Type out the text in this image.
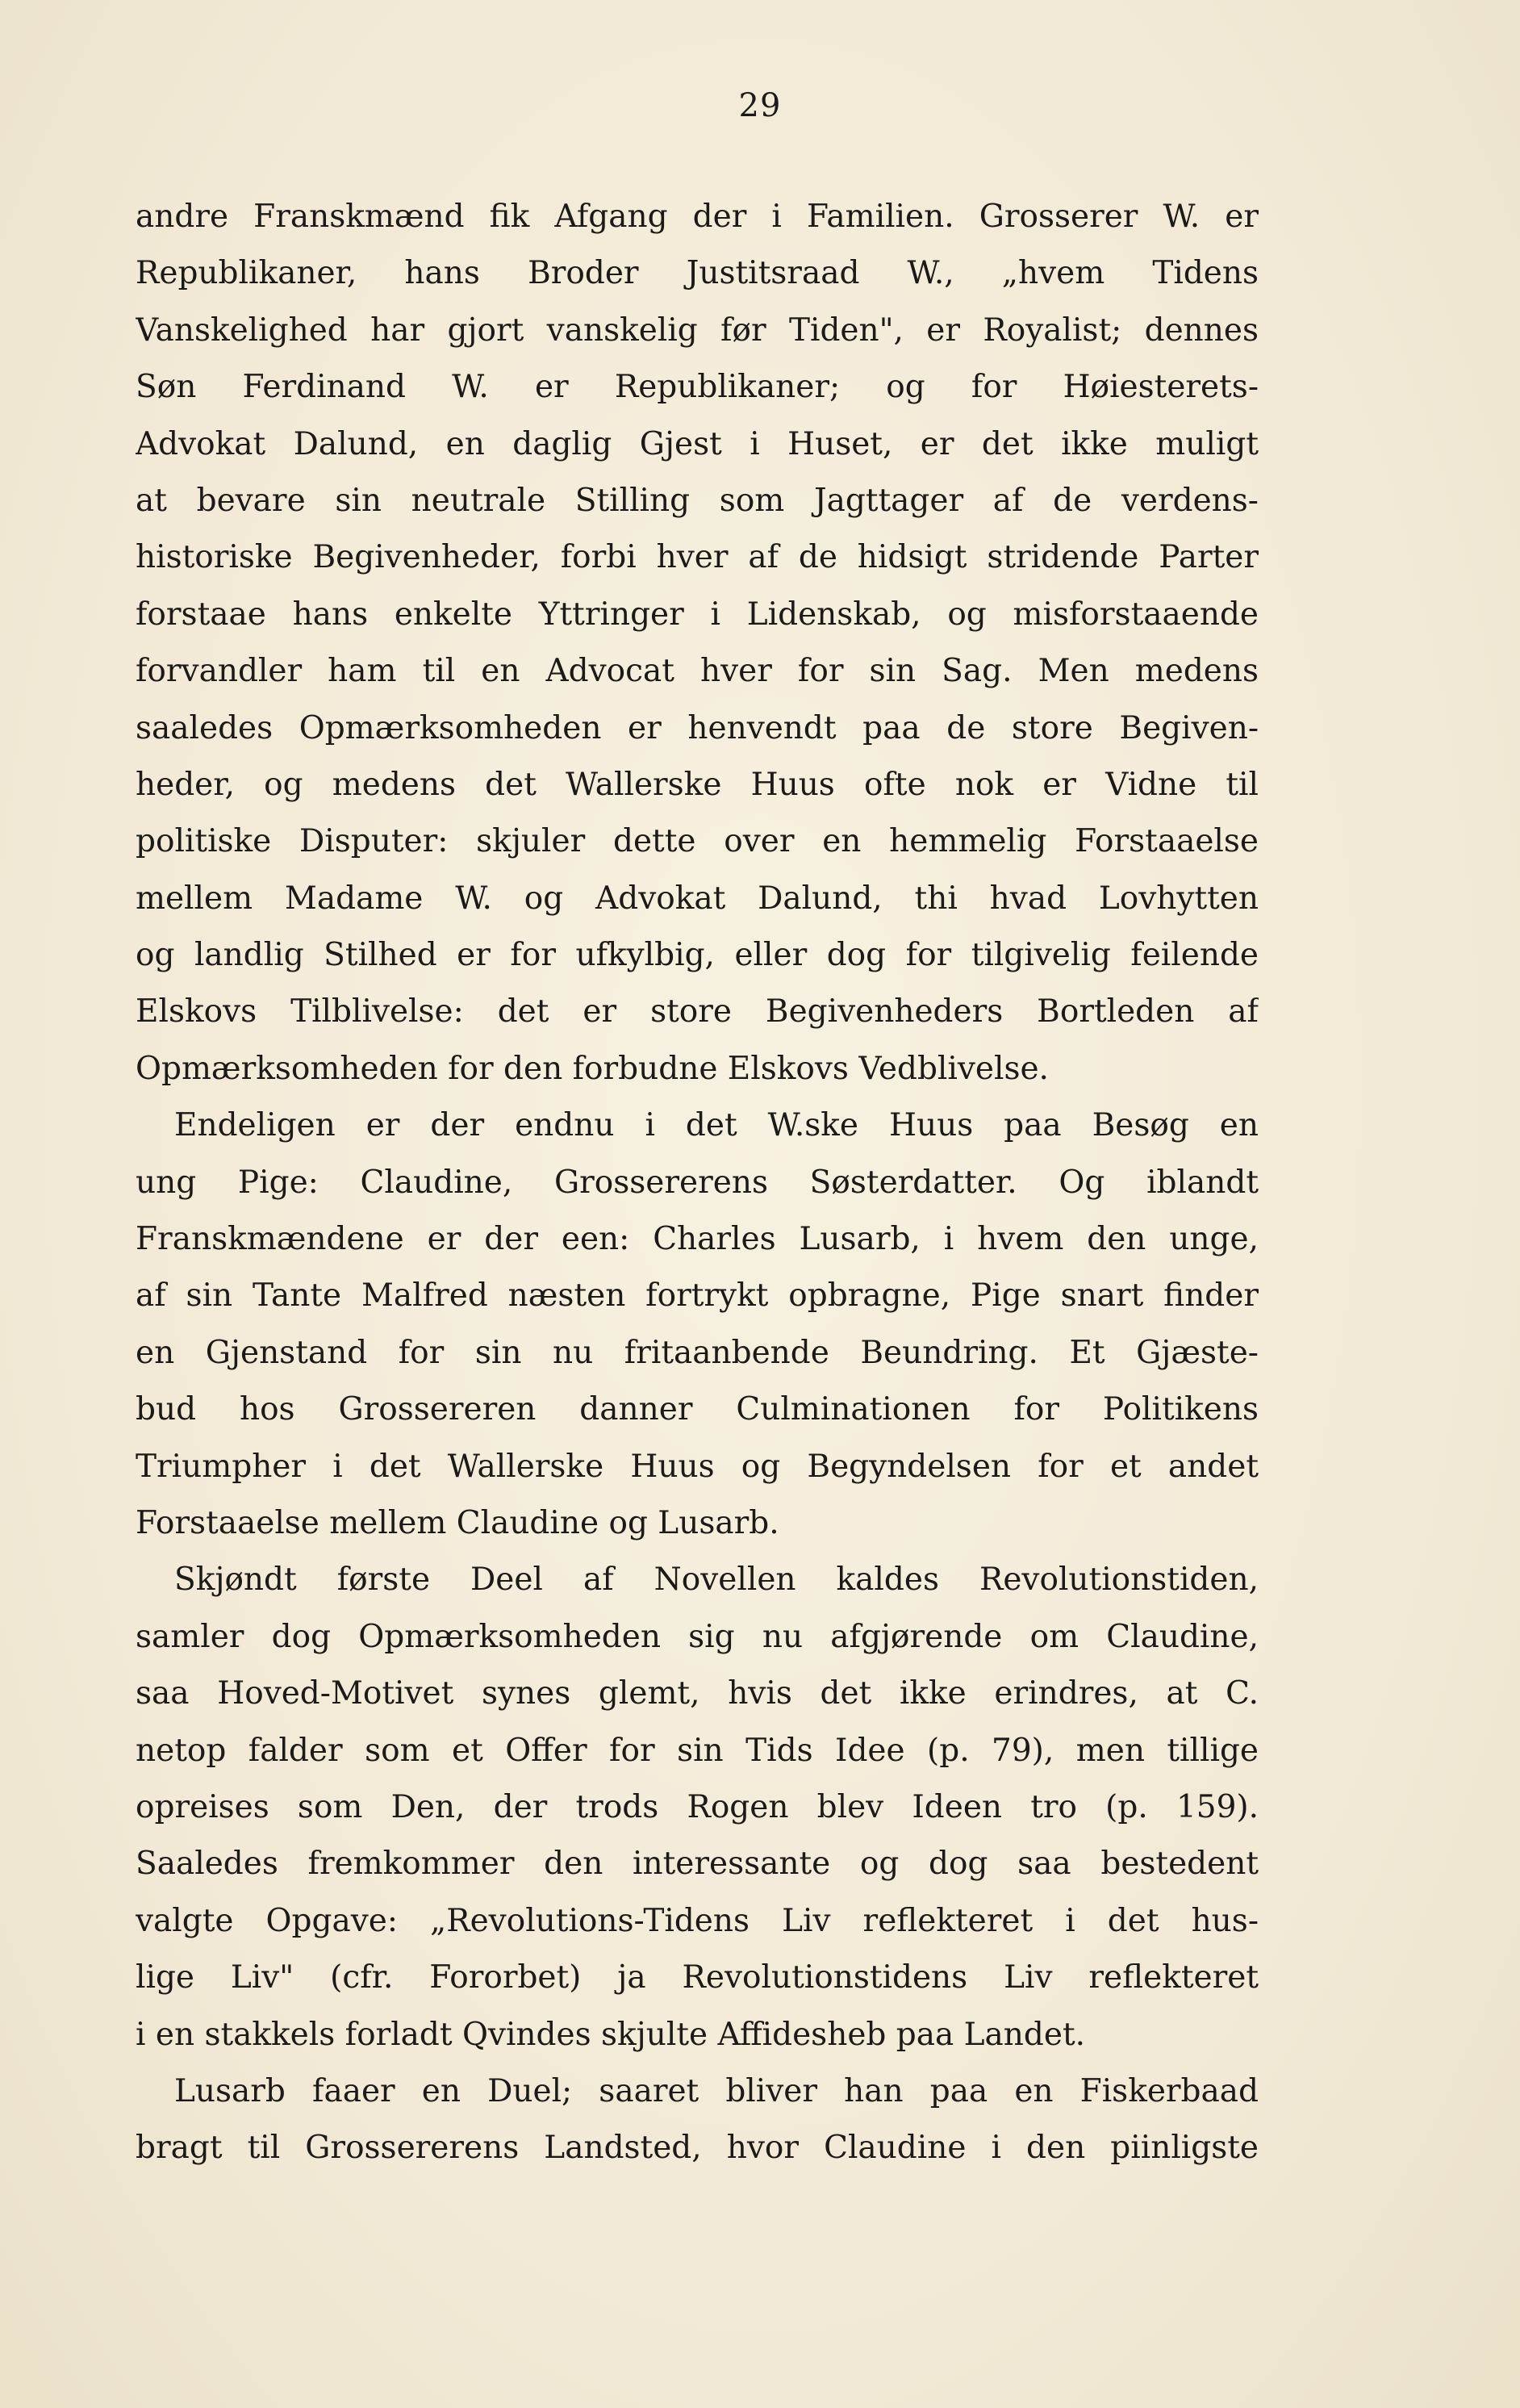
29
andre Franskmænd fik Afgang der i Familien. Grosserer W. er
Republikaner, hans Broder Justitsraad W., „hvem Tidens
Vanskelighed har gjort vanskelig før Tiden", er Royalist; dennes
Søn Ferdinand W. er Republikaner; og for Høiesterets-
Advokat Dalund, en daglig Gjest i Huset, er det ikke muligt
at bevare sin neutrale Stilling som Jagttager af de verdens-
historiske Begivenheder, forbi hver af de hidsigt stridende Parter
forstaae hans enkelte Yttringer i Lidenskab, og misforstaaende
forvandler ham til en Advocat hver for sin Sag. Men medens
saaledes Opmærksomheden er henvendt paa de store Begiven-
heder, og medens det Wallerske Huus ofte nok er Vidne til
politiske Disputer: skjuler dette over en hemmelig Forstaaelse
mellem Madame W. og Advokat Dalund, thi hvad Lovhytten
og landlig Stilhed er for ufkylbig, eller dog for tilgivelig feilende
Elskovs Tilblivelse: det er store Begivenheders Bortleden af
Opmærksomheden for den forbudne Elskovs Vedblivelse.
Endeligen er der endnu i det W.ske Huus paa Besøg en
ung Pige: Claudine, Grossererens Søsterdatter. Og iblandt
Franskmændene er der een: Charles Lusarb, i hvem den unge,
af sin Tante Malfred næsten fortrykt opbragne, Pige snart finder
en Gjenstand for sin nu fritaanbende Beundring. Et Gjæste-
bud hos Grossereren danner Culminationen for Politikens
Triumpher i det Wallerske Huus og Begyndelsen for et andet
Forstaaelse mellem Claudine og Lusarb.
Skjøndt første Deel af Novellen kaldes Revolutionstiden,
samler dog Opmærksomheden sig nu afgjørende om Claudine,
saa Hoved-Motivet synes glemt, hvis det ikke erindres, at C.
netop falder som et Offer for sin Tids Idee (p. 79), men tillige
opreises som Den, der trods Rogen blev Ideen tro (p. 159).
Saaledes fremkommer den interessante og dog saa bestedent
valgte Opgave: „Revolutions-Tidens Liv reflekteret i det hus-
lige Liv" (cfr. Fororbet) ja Revolutionstidens Liv reflekteret
i en stakkels forladt Qvindes skjulte Affidesheb paa Landet.
Lusarb faaer en Duel; saaret bliver han paa en Fiskerbaad
bragt til Grossererens Landsted, hvor Claudine i den piinligste
